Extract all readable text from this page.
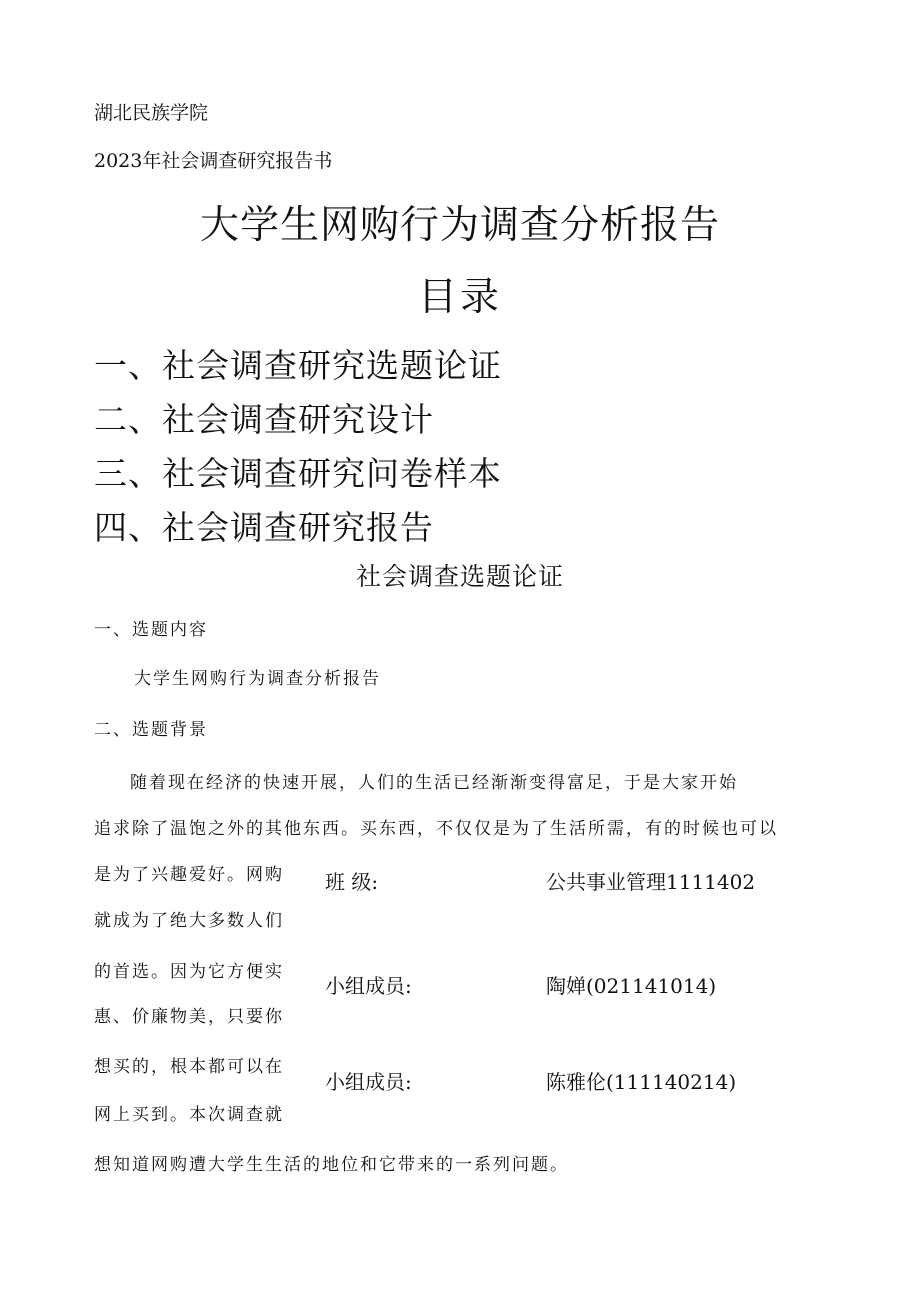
湖北民族学院
2023年社会调查研究报告书
大学生网购行为调查分析报告
目录
一、社会调查研究选题论证
二、社会调查研究设计
三、社会调查研究问卷样本
四、社会调查研究报告
社会调查选题论证
一、选题内容
大学生网购行为调查分析报告
二、选题背景
随着现在经济的快速开展，人们的生活已经渐渐变得富足，于是大家开始
追求除了温饱之外的其他东西。买东西，不仅仅是为了生活所需，有的时候也可以
是为了兴趣爱好。网购
就成为了绝大多数人们
的首选。因为它方便实
惠、价廉物美，只要你
想买的，根本都可以在
网上买到。本次调查就
想知道网购遭大学生生活的地位和它带来的一系列问题。
班 级:	公共事业管理1111402
小组成员:	陶婵(021141014)
小组成员:	陈雅伦(111140214)
